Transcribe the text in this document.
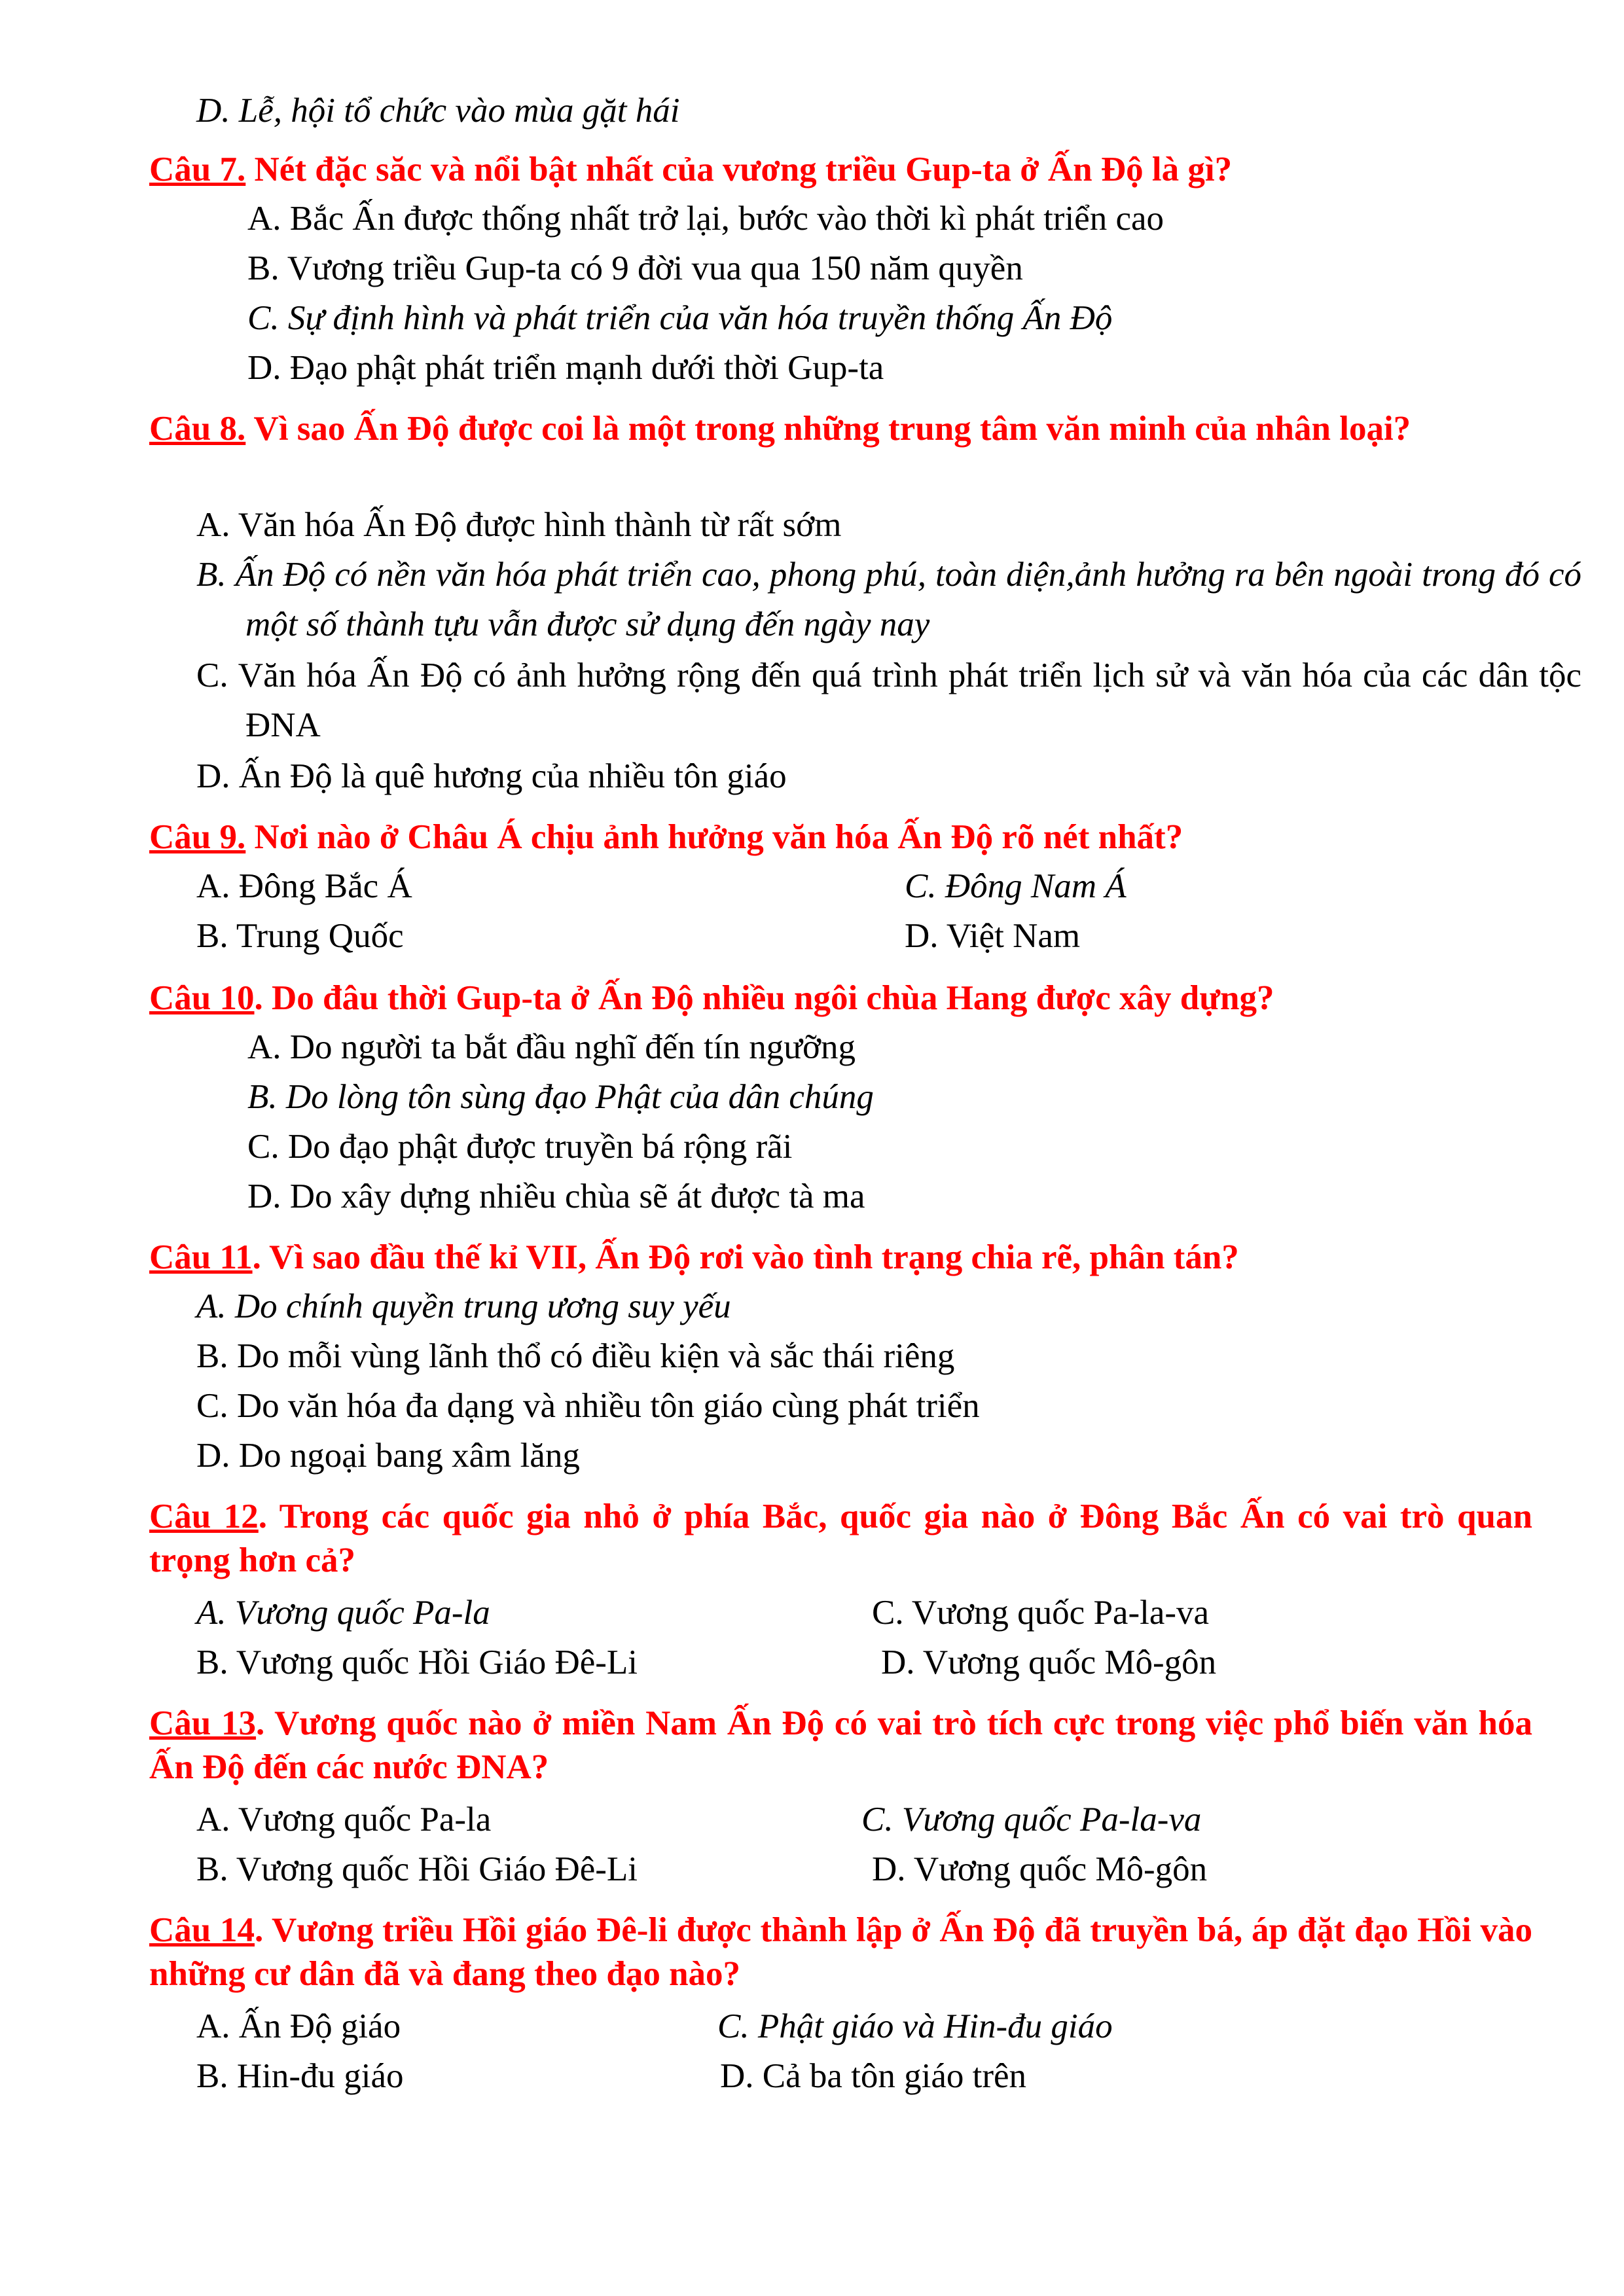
D. Lễ, hội tổ chức vào mùa gặt hái
Câu 7. Nét đặc săc và nổi bật nhất của vương triều Gup-ta ở Ấn Độ là gì?
A. Bắc Ấn được thống nhất trở lại, bước vào thời kì phát triển cao
B. Vương triều Gup-ta có 9 đời vua qua 150 năm quyền
C. Sự định hình và phát triển của văn hóa truyền thống Ấn Độ
D. Đạo phật phát triển mạnh dưới thời Gup-ta
Câu 8. Vì sao Ấn Độ được coi là một trong những trung tâm văn minh của nhân loại?
A. Văn hóa Ấn Độ được hình thành từ rất sớm
B. Ấn Độ có nền văn hóa phát triển cao, phong phú, toàn diện,ảnh hưởng ra bên ngoài trong đó có một số thành tựu vẫn được sử dụng đến ngày nay
C. Văn hóa Ấn Độ có ảnh hưởng rộng đến quá trình phát triển lịch sử và văn hóa của các dân tộc ĐNA
D. Ấn Độ là quê hương của nhiều tôn giáo
Câu 9. Nơi nào ở Châu Á chịu ảnh hưởng văn hóa Ấn Độ rõ nét nhất?
A. Đông Bắc Á	C. Đông Nam Á
B. Trung Quốc	D. Việt Nam
Câu 10. Do đâu thời Gup-ta ở Ấn Độ nhiều ngôi chùa Hang được xây dựng?
A. Do người ta bắt đầu nghĩ đến tín ngưỡng
B. Do lòng tôn sùng đạo Phật của dân chúng
C. Do đạo phật được truyền bá rộng rãi
D. Do xây dựng nhiều chùa sẽ át được tà ma
Câu 11. Vì sao đầu thế kỉ VII, Ấn Độ rơi vào tình trạng chia rẽ, phân tán?
A. Do chính quyền trung ương suy yếu
B. Do mỗi vùng lãnh thổ có điều kiện và sắc thái riêng
C. Do văn hóa đa dạng và nhiều tôn giáo cùng phát triển
D. Do ngoại bang xâm lăng
Câu 12. Trong các quốc gia nhỏ ở phía Bắc, quốc gia nào ở Đông Bắc Ấn có vai trò quan trọng hơn cả?
A. Vương quốc Pa-la	C. Vương quốc Pa-la-va
B. Vương quốc Hồi Giáo Đê-Li	D. Vương quốc Mô-gôn
Câu 13. Vương quốc nào ở miền Nam Ấn Độ có vai trò tích cực trong việc phổ biến văn hóa Ấn Độ đến các nước ĐNA?
A. Vương quốc Pa-la	C. Vương quốc Pa-la-va
B. Vương quốc Hồi Giáo Đê-Li	D. Vương quốc Mô-gôn
Câu 14. Vương triều Hồi giáo Đê-li được thành lập ở Ấn Độ đã truyền bá, áp đặt đạo Hồi vào những cư dân đã và đang theo đạo nào?
A. Ấn Độ giáo	C. Phật giáo và Hin-đu giáo
B. Hin-đu giáo	D. Cả ba tôn giáo trên
